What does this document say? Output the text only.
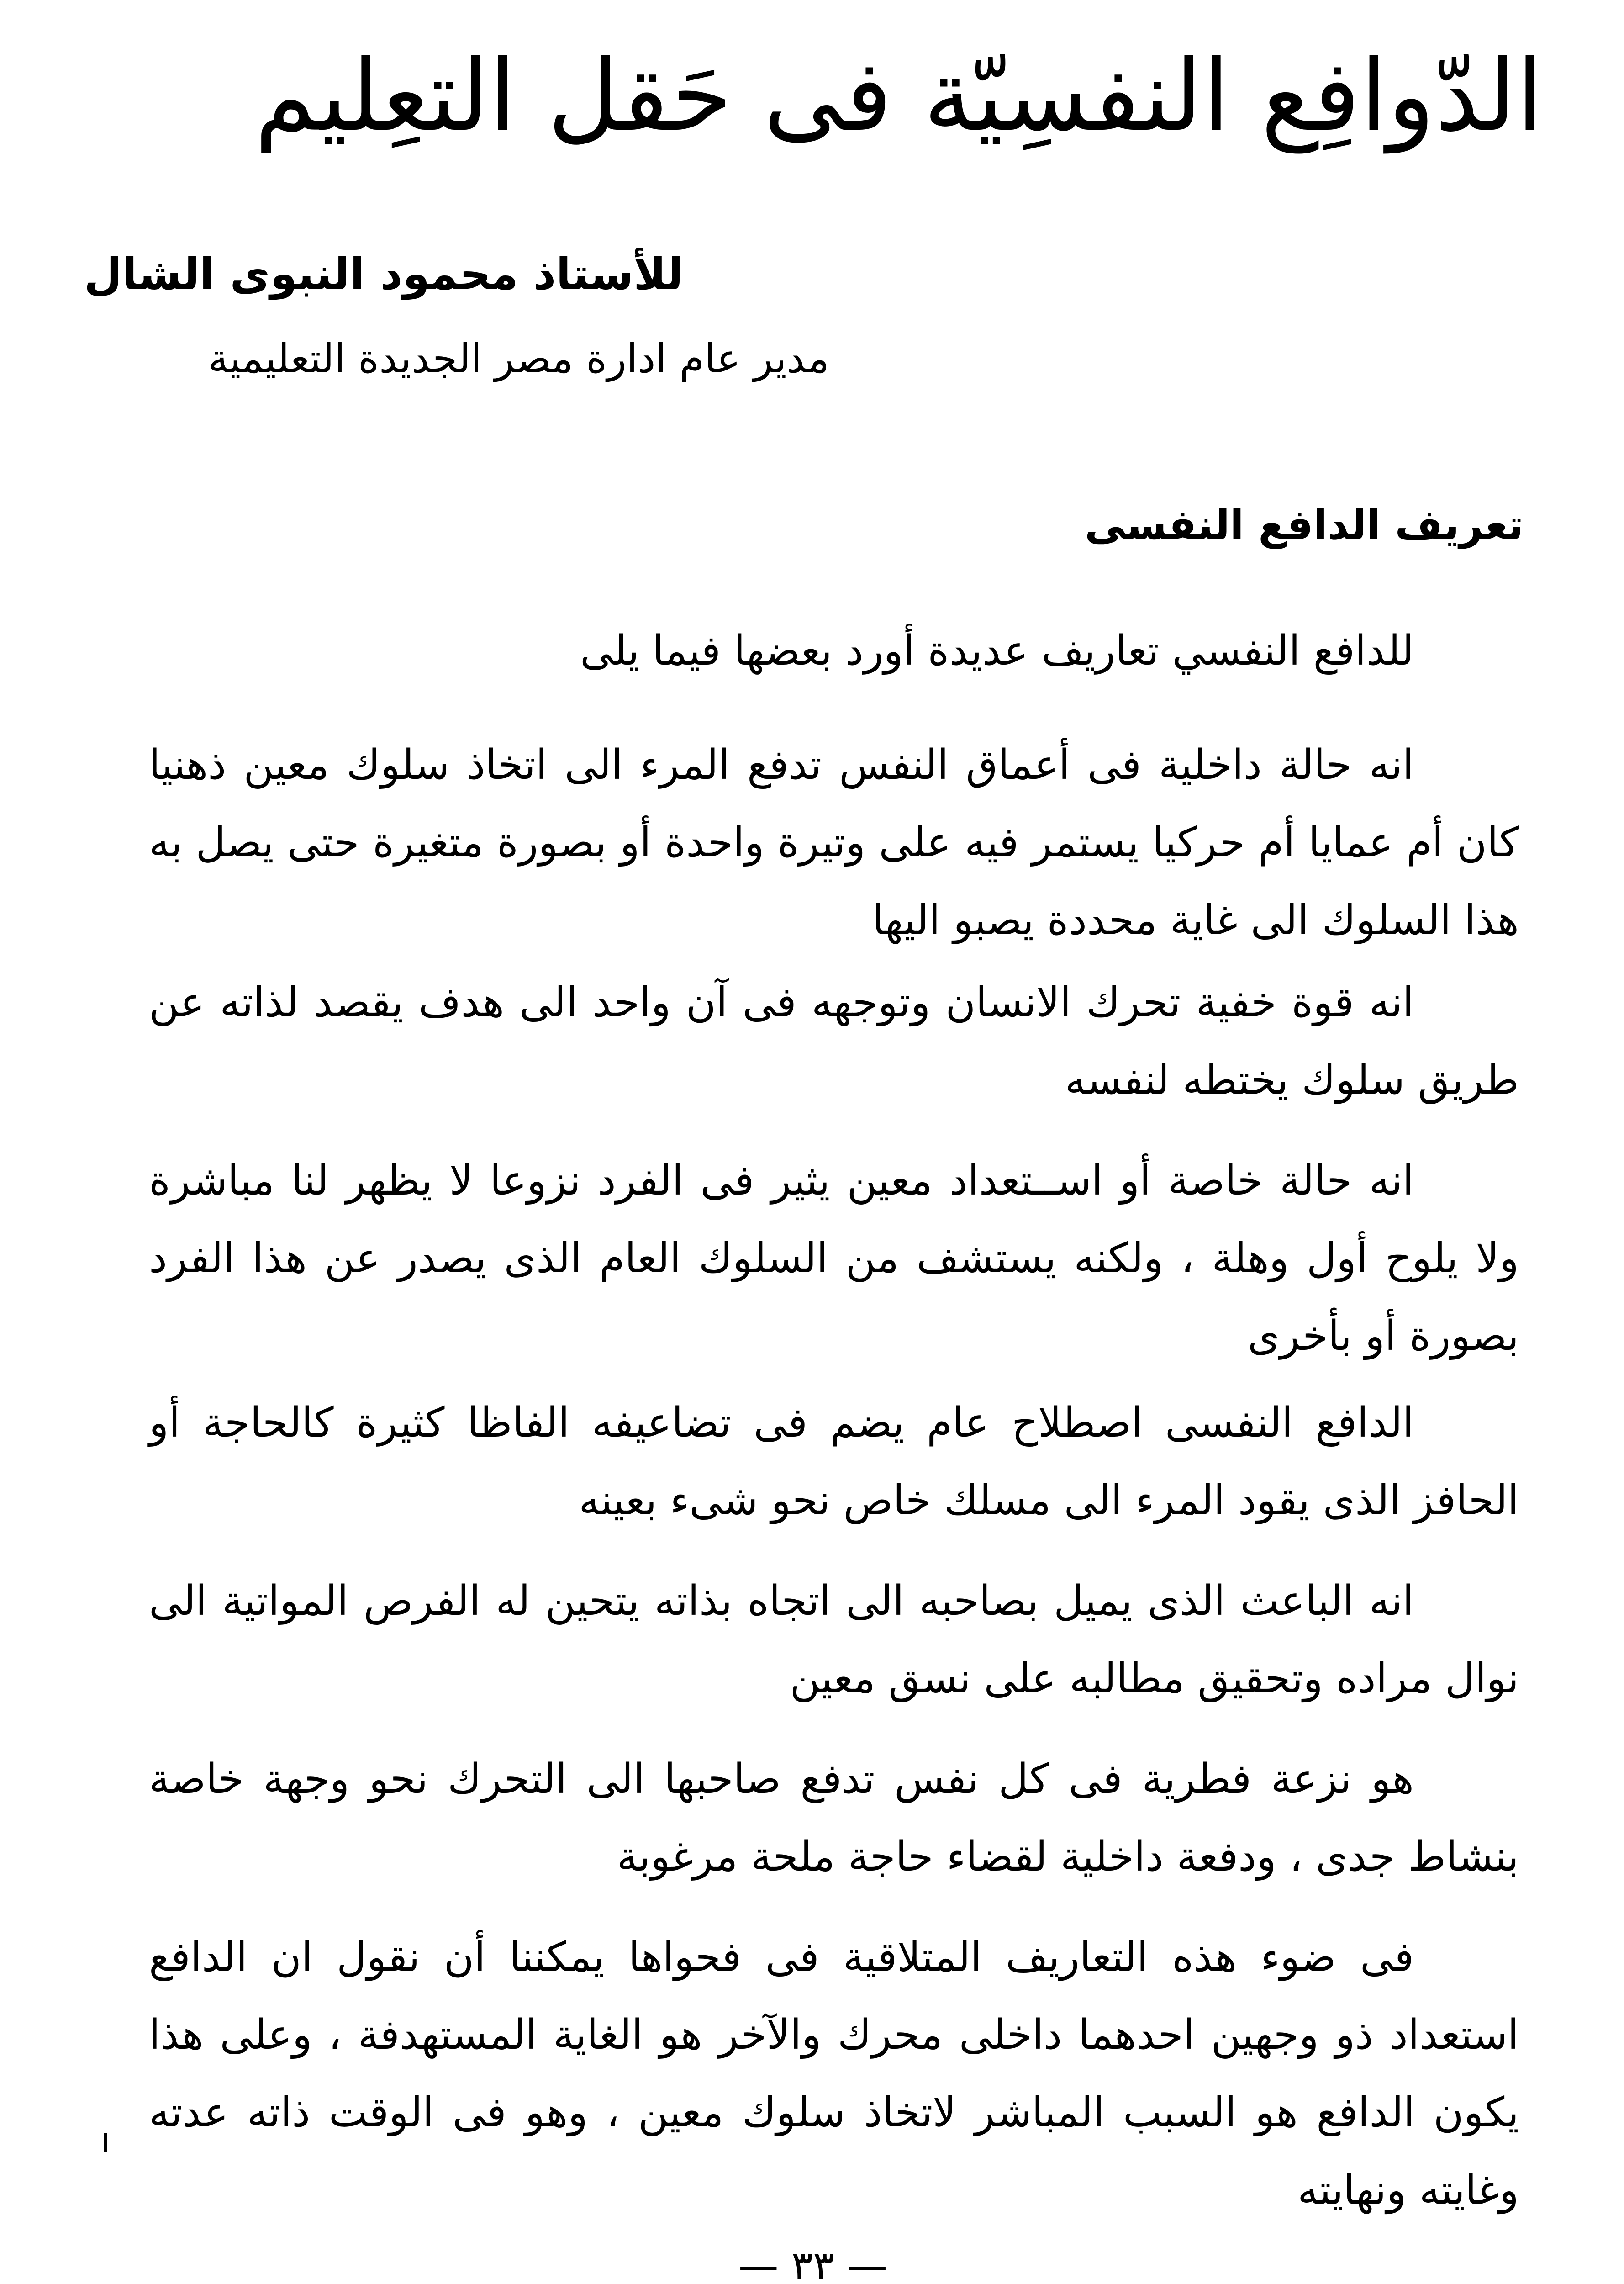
الدّوافِع النفسِيّة فى حَقل التعِليم
للأستاذ محمود النبوى الشال
مدير عام ادارة مصر الجديدة التعليمية
تعريف الدافع النفسى
للدافع النفسي تعاريف عديدة أورد بعضها فيما يلى
انه حالة داخلية فى أعماق النفس تدفع المرء الى اتخاذ سلوك معين ذهنيا كان أم عمايا أم حركيا يستمر فيه على وتيرة واحدة أو بصورة متغيرة حتى يصل به هذا السلوك الى غاية محددة يصبو اليها
انه قوة خفية تحرك الانسان وتوجهه فى آن واحد الى هدف يقصد لذاته عن طريق سلوك يختطه لنفسه
انه حالة خاصة أو اســتعداد معين يثير فى الفرد نزوعا لا يظهر لنا مباشرة ولا يلوح أول وهلة ، ولكنه يستشف من السلوك العام الذى يصدر عن هذا الفرد بصورة أو بأخرى
الدافع النفسى اصطلاح عام يضم فى تضاعيفه الفاظا كثيرة كالحاجة أو الحافز الذى يقود المرء الى مسلك خاص نحو شىء بعينه
انه الباعث الذى يميل بصاحبه الى اتجاه بذاته يتحين له الفرص المواتية الى نوال مراده وتحقيق مطالبه على نسق معين
هو نزعة فطرية فى كل نفس تدفع صاحبها الى التحرك نحو وجهة خاصة بنشاط جدى ، ودفعة داخلية لقضاء حاجة ملحة مرغوبة
فى ضوء هذه التعاريف المتلاقية فى فحواها يمكننا أن نقول ان الدافع استعداد ذو وجهين احدهما داخلى محرك والآخر هو الغاية المستهدفة ، وعلى هذا يكون الدافع هو السبب المباشر لاتخاذ سلوك معين ، وهو فى الوقت ذاته عدته وغايته ونهايته
— ٣٣ —
